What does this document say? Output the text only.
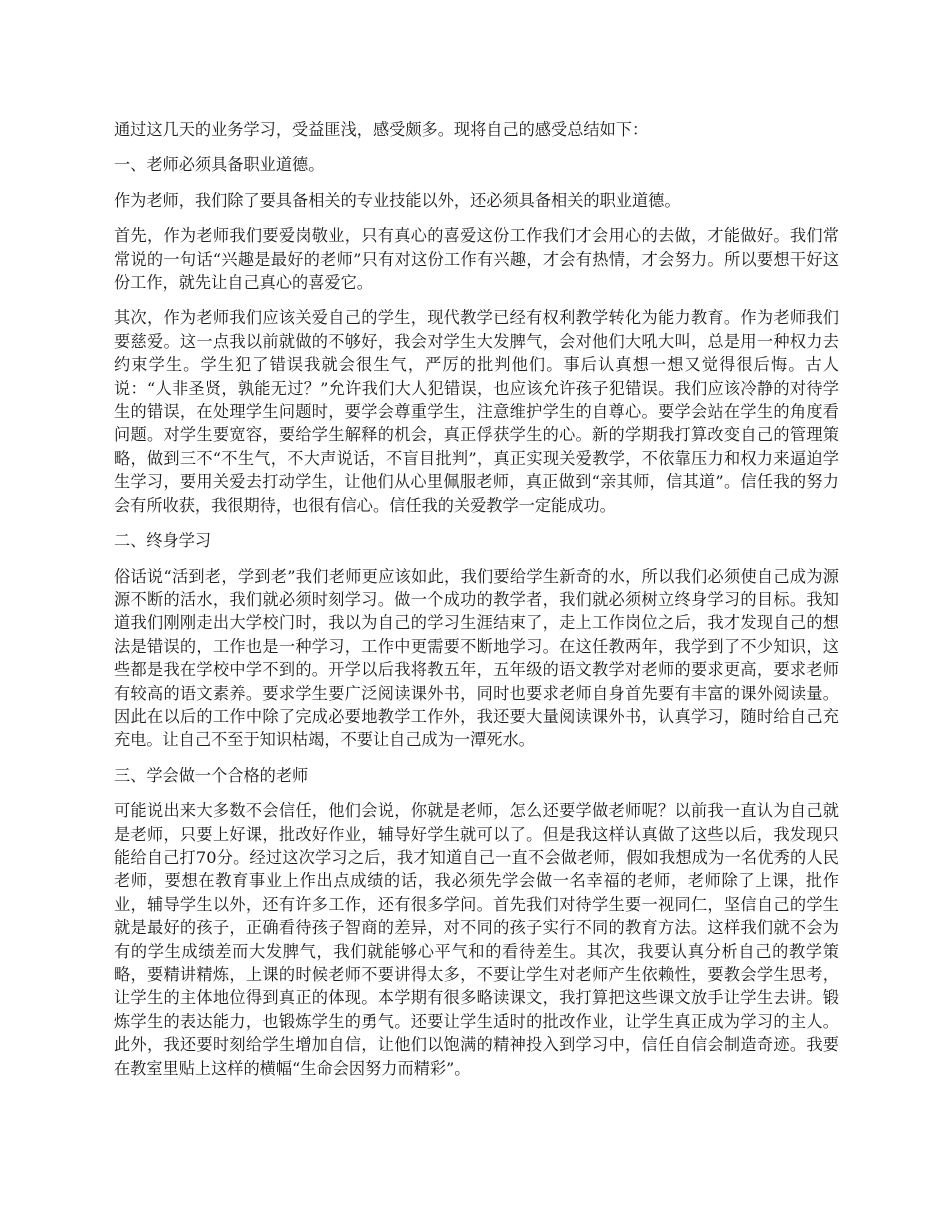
通过这几天的业务学习，受益匪浅，感受颇多。现将自己的感受总结如下：

一、老师必须具备职业道德。

作为老师，我们除了要具备相关的专业技能以外，还必须具备相关的职业道德。

首先，作为老师我们要爱岗敬业，只有真心的喜爱这份工作我们才会用心的去做，才能做好。我们常常说的一句话“兴趣是最好的老师”只有对这份工作有兴趣，才会有热情，才会努力。所以要想干好这份工作，就先让自己真心的喜爱它。

其次，作为老师我们应该关爱自己的学生，现代教学已经有权利教学转化为能力教育。作为老师我们要慈爱。这一点我以前就做的不够好，我会对学生大发脾气，会对他们大吼大叫，总是用一种权力去约束学生。学生犯了错误我就会很生气，严厉的批判他们。事后认真想一想又觉得很后悔。古人说：“人非圣贤，孰能无过？”允许我们大人犯错误，也应该允许孩子犯错误。我们应该冷静的对待学生的错误，在处理学生问题时，要学会尊重学生，注意维护学生的自尊心。要学会站在学生的角度看问题。对学生要宽容，要给学生解释的机会，真正俘获学生的心。新的学期我打算改变自己的管理策略，做到三不“不生气，不大声说话，不盲目批判”，真正实现关爱教学，不依靠压力和权力来逼迫学生学习，要用关爱去打动学生，让他们从心里佩服老师，真正做到“亲其师，信其道”。信任我的努力会有所收获，我很期待，也很有信心。信任我的关爱教学一定能成功。

二、终身学习

俗话说“活到老，学到老”我们老师更应该如此，我们要给学生新奇的水，所以我们必须使自己成为源源不断的活水，我们就必须时刻学习。做一个成功的教学者，我们就必须树立终身学习的目标。我知道我们刚刚走出大学校门时，我以为自己的学习生涯结束了，走上工作岗位之后，我才发现自己的想法是错误的，工作也是一种学习，工作中更需要不断地学习。在这任教两年，我学到了不少知识，这些都是我在学校中学不到的。开学以后我将教五年，五年级的语文教学对老师的要求更高，要求老师有较高的语文素养。要求学生要广泛阅读课外书，同时也要求老师自身首先要有丰富的课外阅读量。因此在以后的工作中除了完成必要地教学工作外，我还要大量阅读课外书，认真学习，随时给自己充充电。让自己不至于知识枯竭，不要让自己成为一潭死水。

三、学会做一个合格的老师

可能说出来大多数不会信任，他们会说，你就是老师，怎么还要学做老师呢？以前我一直认为自己就是老师，只要上好课，批改好作业，辅导好学生就可以了。但是我这样认真做了这些以后，我发现只能给自己打70分。经过这次学习之后，我才知道自己一直不会做老师，假如我想成为一名优秀的人民老师，要想在教育事业上作出点成绩的话，我必须先学会做一名幸福的老师，老师除了上课，批作业，辅导学生以外，还有许多工作，还有很多学问。首先我们对待学生要一视同仁，坚信自己的学生就是最好的孩子，正确看待孩子智商的差异，对不同的孩子实行不同的教育方法。这样我们就不会为有的学生成绩差而大发脾气，我们就能够心平气和的看待差生。其次，我要认真分析自己的教学策略，要精讲精炼，上课的时候老师不要讲得太多，不要让学生对老师产生依赖性，要教会学生思考，让学生的主体地位得到真正的体现。本学期有很多略读课文，我打算把这些课文放手让学生去讲。锻炼学生的表达能力，也锻炼学生的勇气。还要让学生适时的批改作业，让学生真正成为学习的主人。此外，我还要时刻给学生增加自信，让他们以饱满的精神投入到学习中，信任自信会制造奇迹。我要在教室里贴上这样的横幅“生命会因努力而精彩”。
